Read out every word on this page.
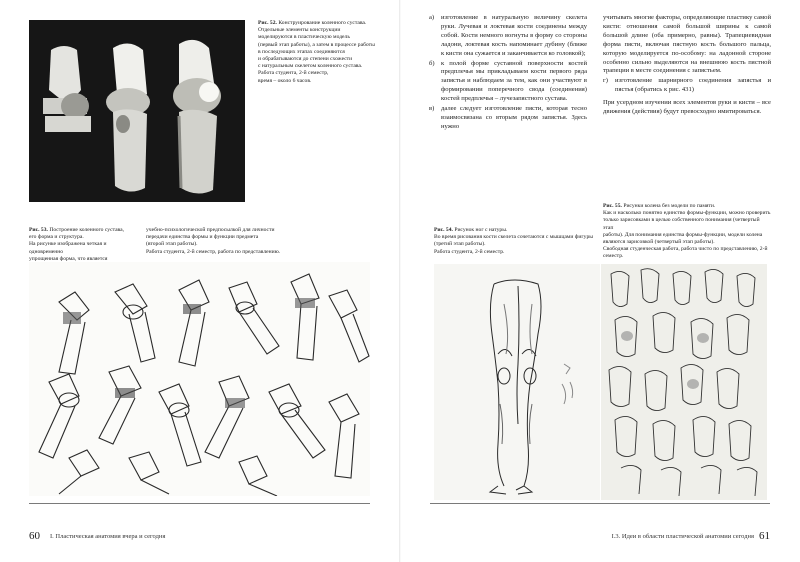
Рис. 52. Конструирование коленного сустава.
Отдельные элементы конструкции
моделируются в пластическую модель
(первый этап работы), а затем в процессе работы
в последующих этапах соединяются
и обрабатываются до степени схожести
с натуральным скелетом коленного сустава.
Работа студента, 2-й семестр,
время – около 6 часов.
Рис. 53. Построение коленного сустава,
его форма и структура.
На рисунке изображена четкая и одновременно
упрощенная форма, что является
учебно-психологической предпосылкой для личности
передачи единства формы и функции предмета
(второй этап работы).
Работа студента, 2-й семестр, работа по представлению.
60 I. Пластическая анатомия вчера и сегодня
а)	изготовление в натуральную величину скелета руки. Лучевая и локтевая кости соединены между собой. Кости немного вогнуты в форму со стороны ладони, локтевая кость напоминает дубину (ближе к кисти она сужается и заканчивается ко головкой);
б) к полой форме суставной поверхности костей предплечья мы прикладываем кости первого ряда запястья и наблюдаем за тем, как они участвуют в формировании поперечного свода (соединения) костей предплечья – лучезапястного сустава.
в)	далее следует изготовление пясти, которая тесно взаимосвязана со вторым рядом запястья. Здесь нужно
учитывать многие факторы, определяющие пластику самой кисти: отношения самой большой ширины к самой большой длине (оба примерно, равны). Трапециевидная форма пясти, включая пястную кость большого пальца, которую моделируется по-особому: на ладонной стороне особенно сильно выделяются на внешнюю кость пястной трапеции в месте соединения с запястьем.
г)	изготовление шарнирного соединения запястья и пястья (обратись к рис. 431)
При усердном изучении всех элементов руки и кисти – все движения (действия) будут превосходно имитироваться.
Рис. 54. Рисунок ног с натуры.
Во время рисования кости скелета сочетаются с мышцами фигуры
(третий этап работы).
Работа студента, 2-й семестр.
Рис. 55. Рисунки колена без модели по памяти.
Как и насколько понятно единство формы-функции, можно проверить
только зарисовками в целью собственного понимания (четвертый этап
работы). Для понимания единства формы-функции, модели колена
являются зарисовкой (четвертый этап работы).
Свободная студенческая работа, работа чисто по представлению, 2-й
семестр.
I.3. Идеи в области пластической анатомии сегодня 61
